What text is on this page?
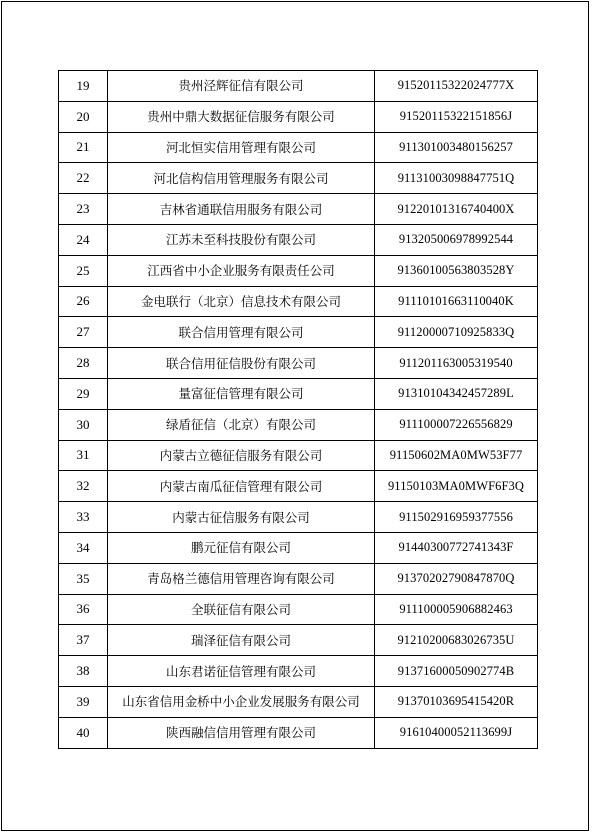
19	贵州泾辉征信有限公司	91520115322024777X
20	贵州中鼎大数据征信服务有限公司	91520115322151856J
21	河北恒实信用管理有限公司	911301003480156257
22	河北信构信用管理服务有限公司	91131003098847751Q
23	吉林省通联信用服务有限公司	91220101316740400X
24	江苏未至科技股份有限公司	913205006978992544
25	江西省中小企业服务有限责任公司	91360100563803528Y
26	金电联行（北京）信息技术有限公司	91110101663110040K
27	联合信用管理有限公司	91120000710925833Q
28	联合信用征信股份有限公司	911201163005319540
29	量富征信管理有限公司	91310104342457289L
30	绿盾征信（北京）有限公司	911100007226556829
31	内蒙古立德征信服务有限公司	91150602MA0MW53F77
32	内蒙古南瓜征信管理有限公司	91150103MA0MWF6F3Q
33	内蒙古征信服务有限公司	911502916959377556
34	鹏元征信有限公司	91440300772741343F
35	青岛格兰德信用管理咨询有限公司	91370202790847870Q
36	全联征信有限公司	911100005906882463
37	瑞泽征信有限公司	91210200683026735U
38	山东君诺征信管理有限公司	91371600050902774B
39	山东省信用金桥中小企业发展服务有限公司	91370103695415420R
40	陕西融信信用管理有限公司	91610400052113699J
